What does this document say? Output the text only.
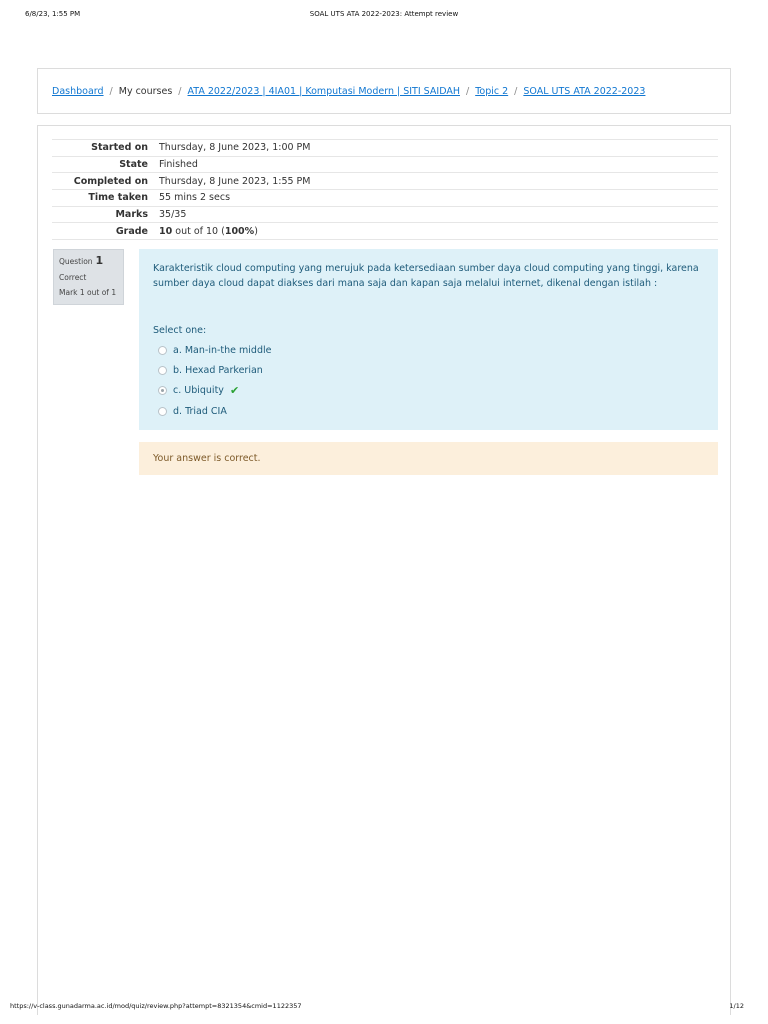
6/8/23, 1:55 PM	SOAL UTS ATA 2022-2023: Attempt review
Dashboard / My courses / ATA 2022/2023 | 4IA01 | Komputasi Modern | SITI SAIDAH / Topic 2 / SOAL UTS ATA 2022-2023
Started on	Thursday, 8 June 2023, 1:00 PM
State	Finished
Completed on	Thursday, 8 June 2023, 1:55 PM
Time taken	55 mins 2 secs
Marks	35/35
Grade	10 out of 10 (100%)
Question 1
Correct
Mark 1 out of 1
Karakteristik cloud computing yang merujuk pada ketersediaan sumber daya cloud computing yang tinggi, karena sumber daya cloud dapat diakses dari mana saja dan kapan saja melalui internet, dikenal dengan istilah :
Select one:
a. Man-in-the middle
b. Hexad Parkerian
c. Ubiquity ✔
d. Triad CIA
Your answer is correct.
https://v-class.gunadarma.ac.id/mod/quiz/review.php?attempt=8321354&cmid=1122357	1/12
